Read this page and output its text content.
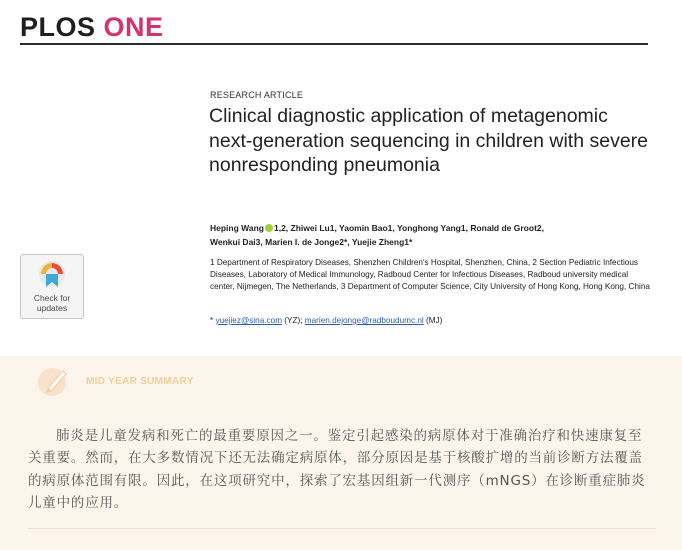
PLOS ONE
RESEARCH ARTICLE
Clinical diagnostic application of metagenomic next-generation sequencing in children with severe nonresponding pneumonia
Heping Wang 1,2, Zhiwei Lu1, Yaomin Bao1, Yonghong Yang1, Ronald de Groot2,
Wenkui Dai3, Marien I. de Jonge2*, Yuejie Zheng1*
1 Department of Respiratory Diseases, Shenzhen Children's Hospital, Shenzhen, China, 2 Section Pediatric Infectious Diseases, Laboratory of Medical Immunology, Radboud Center for Infectious Diseases, Radboud university medical center, Nijmegen, The Netherlands, 3 Department of Computer Science, City University of Hong Kong, Hong Kong, China
* yuejiez@sina.com (YZ); marien.dejonge@radboudumc.nl (MJ)
Check for
updates
MID YEAR SUMMARY

肺炎是儿童发病和死亡的最重要原因之一。鉴定引起感染的病原体对于准确治疗和快速康复至关重要。然而，在大多数情况下还无法确定病原体，部分原因是基于核酸扩增的当前诊断方法覆盖的病原体范围有限。因此，在这项研究中，探索了宏基因组新一代测序（mNGS）在诊断重症肺炎儿童中的应用。
